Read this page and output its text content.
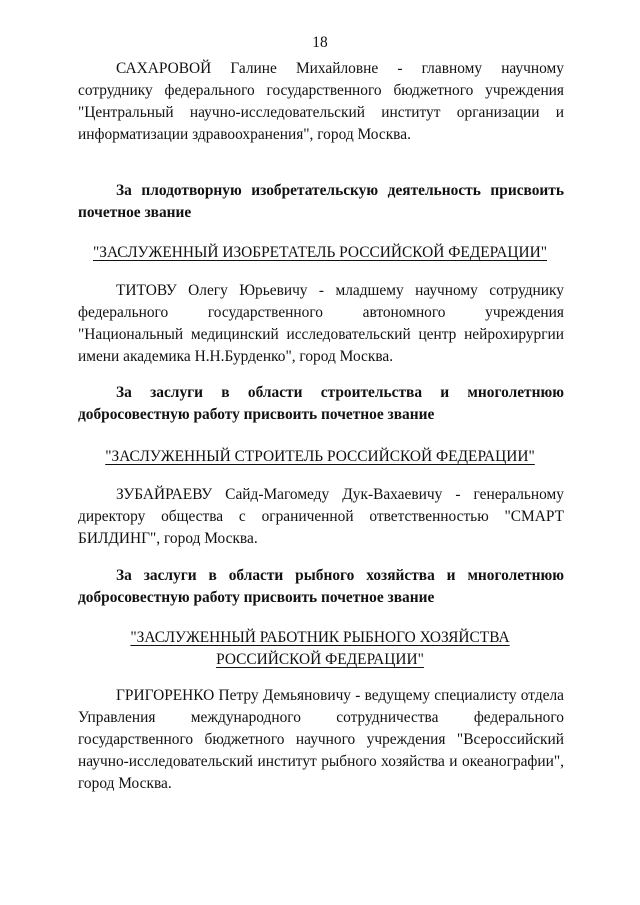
18

САХАРОВОЙ Галине Михайловне - главному научному сотруднику федерального государственного бюджетного учреждения "Центральный научно-исследовательский институт организации и информатизации здравоохранения", город Москва.

За плодотворную изобретательскую деятельность присвоить почетное звание

"ЗАСЛУЖЕННЫЙ ИЗОБРЕТАТЕЛЬ РОССИЙСКОЙ ФЕДЕРАЦИИ"

ТИТОВУ Олегу Юрьевичу - младшему научному сотруднику федерального государственного автономного учреждения "Национальный медицинский исследовательский центр нейрохирургии имени академика Н.Н.Бурденко", город Москва.

За заслуги в области строительства и многолетнюю добросовестную работу присвоить почетное звание

"ЗАСЛУЖЕННЫЙ СТРОИТЕЛЬ РОССИЙСКОЙ ФЕДЕРАЦИИ"

ЗУБАЙРАЕВУ Сайд-Магомеду Дук-Вахаевичу - генеральному директору общества с ограниченной ответственностью "СМАРТ БИЛДИНГ", город Москва.

За заслуги в области рыбного хозяйства и многолетнюю добросовестную работу присвоить почетное звание

"ЗАСЛУЖЕННЫЙ РАБОТНИК РЫБНОГО ХОЗЯЙСТВА
РОССИЙСКОЙ ФЕДЕРАЦИИ"

ГРИГОРЕНКО Петру Демьяновичу - ведущему специалисту отдела Управления международного сотрудничества федерального государственного бюджетного научного учреждения "Всероссийский научно-исследовательский институт рыбного хозяйства и океанографии", город Москва.
